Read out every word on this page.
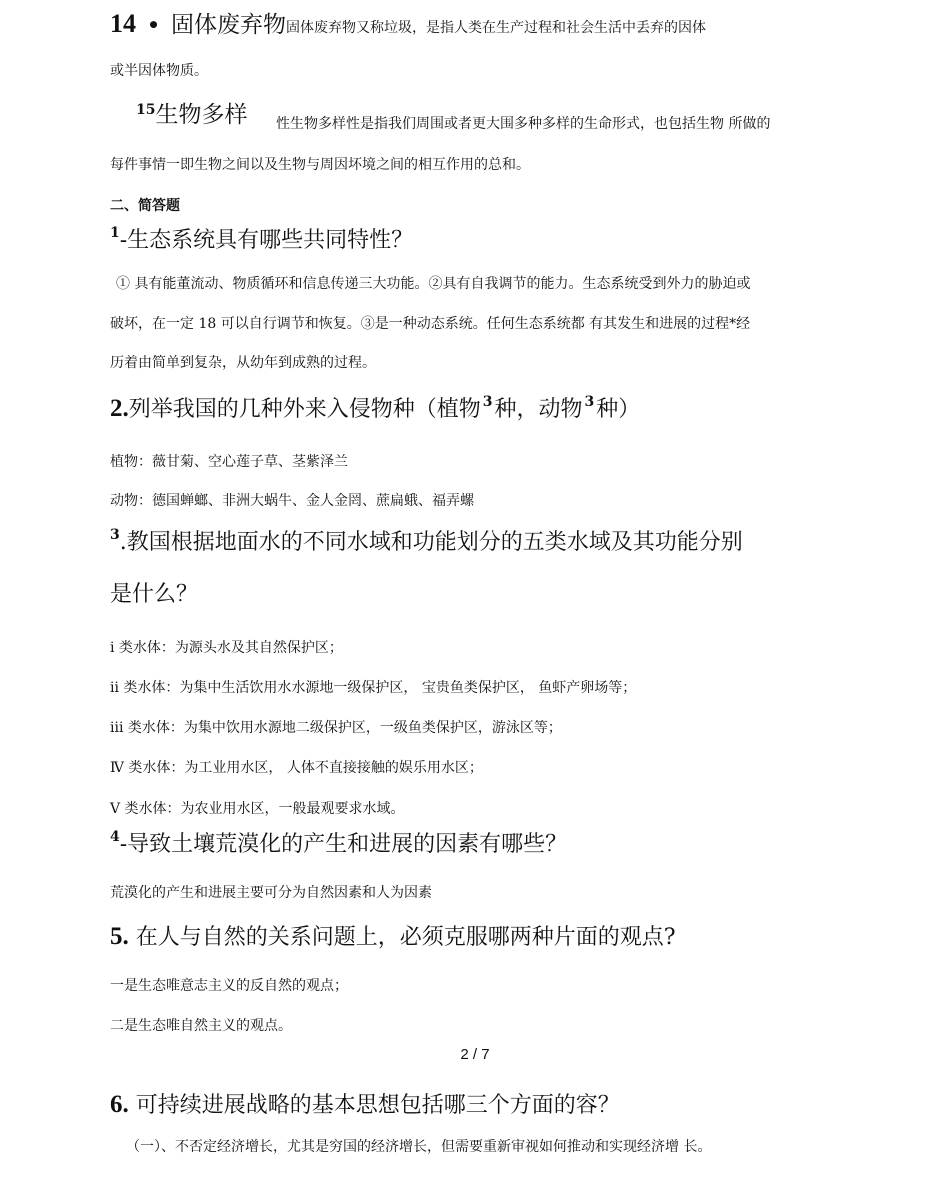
14 • 固体废弃物固体废弃物又称垃圾，是指人类在生产过程和社会生活中丢弃的因体
或半因体物质。
$^{15}$生物多样 性生物多样性是指我们周围或者更大围多种多样的生命形式，也包括生物 所做的
每件事情一即生物之间以及生物与周因坏境之间的相互作用的总和。
二、简答题
$^1$-生态系统具有哪些共同特性？
① 具有能董流动、物质循环和信息传递三大功能。②具有自我调节的能力。生态系统受到外力的胁迫或
破坏，在一定 18 可以自行调节和恢复。③是一种动态系统。任何生态系统都 有其发生和进展的过程*经
历着由简单到复杂，从幼年到成熟的过程。
2.列举我国的几种外来入侵物种（植物 $^3$种，动物 $^3$种）
植物：薇甘菊、空心莲子草、茎紫泽兰
动物：德国蝉螂、非洲大蜗牛、金人金罔、蔗扁蛾、福弄螺
$^3$.教国根据地面水的不同水域和功能划分的五类水域及其功能分别
是什么？
i 类水体：为源头水及其自然保护区；
ii 类水体：为集中生活饮用水水源地一级保护区， 宝贵鱼类保护区， 鱼虾产卵场等；
iii 类水体：为集中饮用水源地二级保护区，一级鱼类保护区，游泳区等；
Ⅳ 类水体：为工业用水区， 人体不直接接触的娱乐用水区；
V 类水体：为农业用水区，一般最观要求水域。
$^4$-导致土壤荒漠化的产生和进展的因素有哪些？
荒漠化的产生和进展主要可分为自然因素和人为因素
5. 在人与自然的关系问题上，必须克服哪两种片面的观点?
一是生态唯意志主义的反自然的观点；
二是生态唯自然主义的观点。
2 / 7
6. 可持续进展战略的基本思想包括哪三个方面的容？
（一）、不否定经济增长，尤其是穷国的经济增长，但需要重新审视如何推动和实现经济增 长。
